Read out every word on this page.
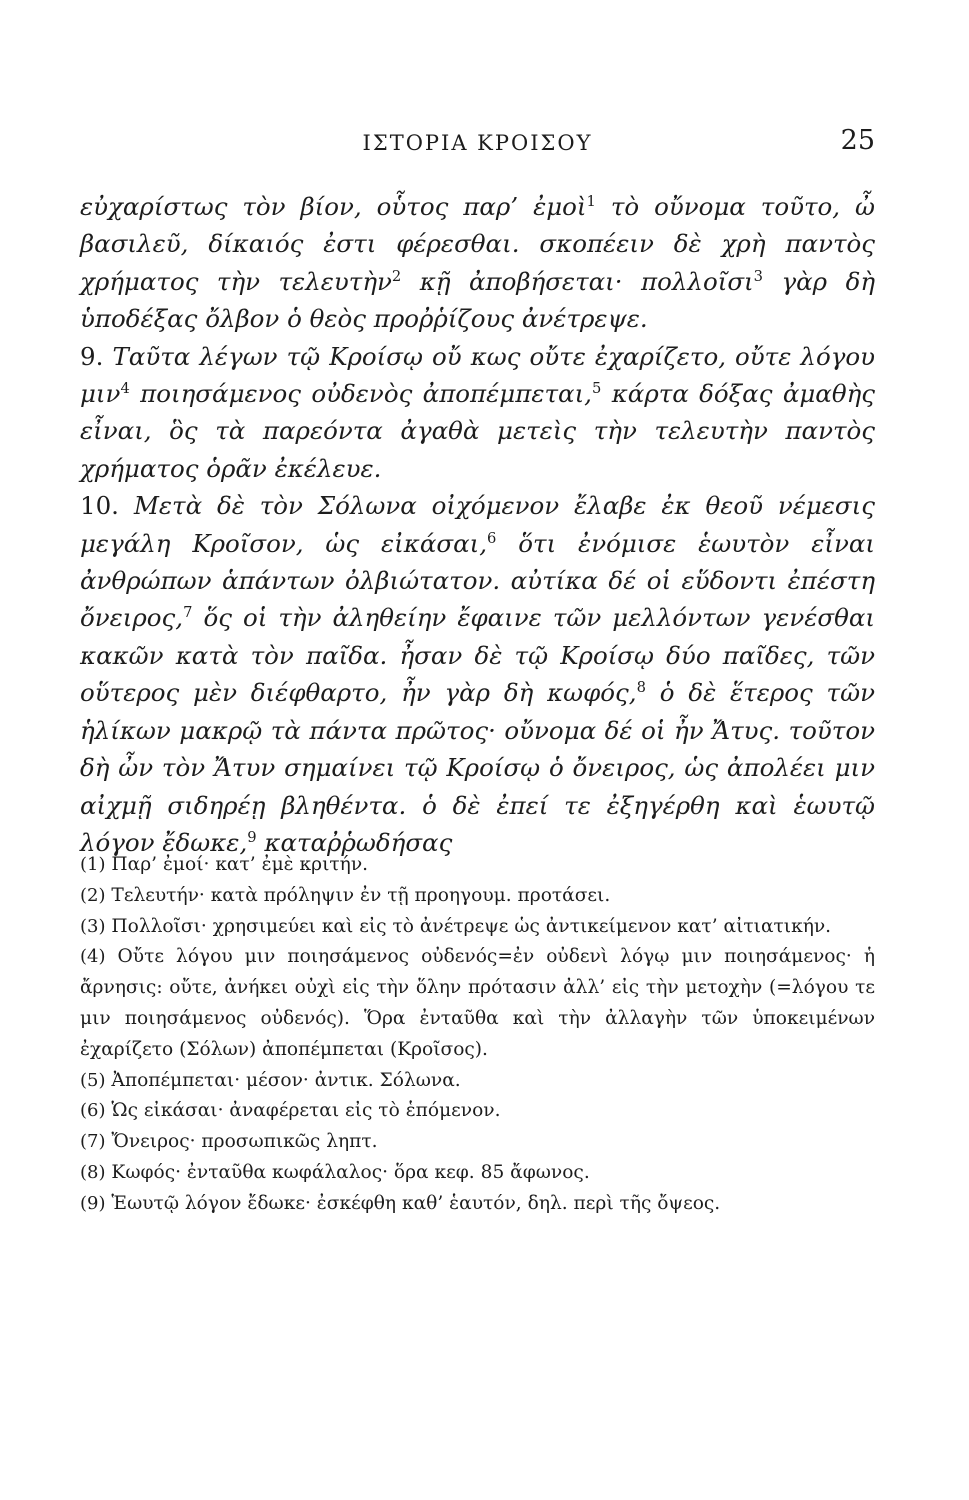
ΙΣΤΟΡΙΑ ΚΡΟΙΣΟΥ	25

εὐχαρίστως τὸν βίον, οὗτος παρ’ ἐμοὶ$^1$ τὸ οὔνομα τοῦτο, ὦ βασιλεῦ, δίκαιός ἐστι φέρεσθαι. σκοπέειν δὲ χρὴ παντὸς χρήματος τὴν τελευτὴν$^2$ κῇ ἀποβήσεται· πολλοῖσι$^3$ γὰρ δὴ ὑποδέξας ὄλβον ὁ θεὸς προῤῥίζους ἀνέτρεψε.

9. Ταῦτα λέγων τῷ Κροίσῳ οὔ κως οὔτε ἐχαρίζετο, οὔτε λόγου μιν$^4$ ποιησάμενος οὐδενὸς ἀποπέμπεται,$^5$ κάρτα δόξας ἀμαθὴς εἶναι, ὃς τὰ παρεόντα ἀγαθὰ μετεὶς τὴν τελευτὴν παντὸς χρήματος ὁρᾶν ἐκέλευε.

10. Μετὰ δὲ τὸν Σόλωνα οἰχόμενον ἔλαβε ἐκ θεοῦ νέμεσις μεγάλη Κροῖσον, ὡς εἰκάσαι,$^6$ ὅτι ἐνόμισε ἑωυτὸν εἶναι ἀνθρώπων ἁπάντων ὀλβιώτατον. αὐτίκα δέ οἱ εὕδοντι ἐπέστη ὄνειρος,$^7$ ὅς οἱ τὴν ἀληθείην ἔφαινε τῶν μελλόντων γενέσθαι κακῶν κατὰ τὸν παῖδα. ἦσαν δὲ τῷ Κροίσῳ δύο παῖδες, τῶν οὕτερος μὲν διέφθαρτο, ἦν γὰρ δὴ κωφός,$^8$ ὁ δὲ ἕτερος τῶν ἡλίκων μακρῷ τὰ πάντα πρῶτος· οὔνομα δέ οἱ ἦν Ἄτυς. τοῦτον δὴ ὦν τὸν Ἄτυν σημαίνει τῷ Κροίσῳ ὁ ὄνειρος, ὡς ἀπολέει μιν αἰχμῇ σιδηρέῃ βληθέντα. ὁ δὲ ἐπεί τε ἐξηγέρθη καὶ ἑωυτῷ λόγον ἔδωκε,$^9$ καταῤῥωδήσας

(1) Παρ’ ἐμοί· κατ’ ἐμὲ κριτήν.

(2) Τελευτήν· κατὰ πρόληψιν ἐν τῇ προηγουμ. προτάσει.

(3) Πολλοῖσι· χρησιμεύει καὶ εἰς τὸ ἀνέτρεψε ὡς ἀντικείμενον κατ’ αἰτιατικήν.

(4) Οὔτε λόγου μιν ποιησάμενος οὐδενός=ἐν οὐδενὶ λόγῳ μιν ποιησάμενος· ἡ ἄρνησις: οὔτε, ἀνήκει οὐχὶ εἰς τὴν ὅλην πρότασιν ἀλλ’ εἰς τὴν μετοχὴν (=λόγου τε μιν ποιησάμενος οὐδενός). Ὅρα ἐνταῦθα καὶ τὴν ἀλλαγὴν τῶν ὑποκειμένων ἐχαρίζετο (Σόλων) ἀποπέμπεται (Κροῖσος).

(5) Ἀποπέμπεται· μέσον· ἀντικ. Σόλωνα.

(6) Ὡς εἰκάσαι· ἀναφέρεται εἰς τὸ ἑπόμενον.

(7) Ὄνειρος· προσωπικῶς ληπτ.

(8) Κωφός· ἐνταῦθα κωφάλαλος· ὅρα κεφ. 85 ἄφωνος.

(9) Ἑωυτῷ λόγον ἔδωκε· ἐσκέφθη καθ’ ἑαυτόν, δηλ. περὶ τῆς ὄψεος.
